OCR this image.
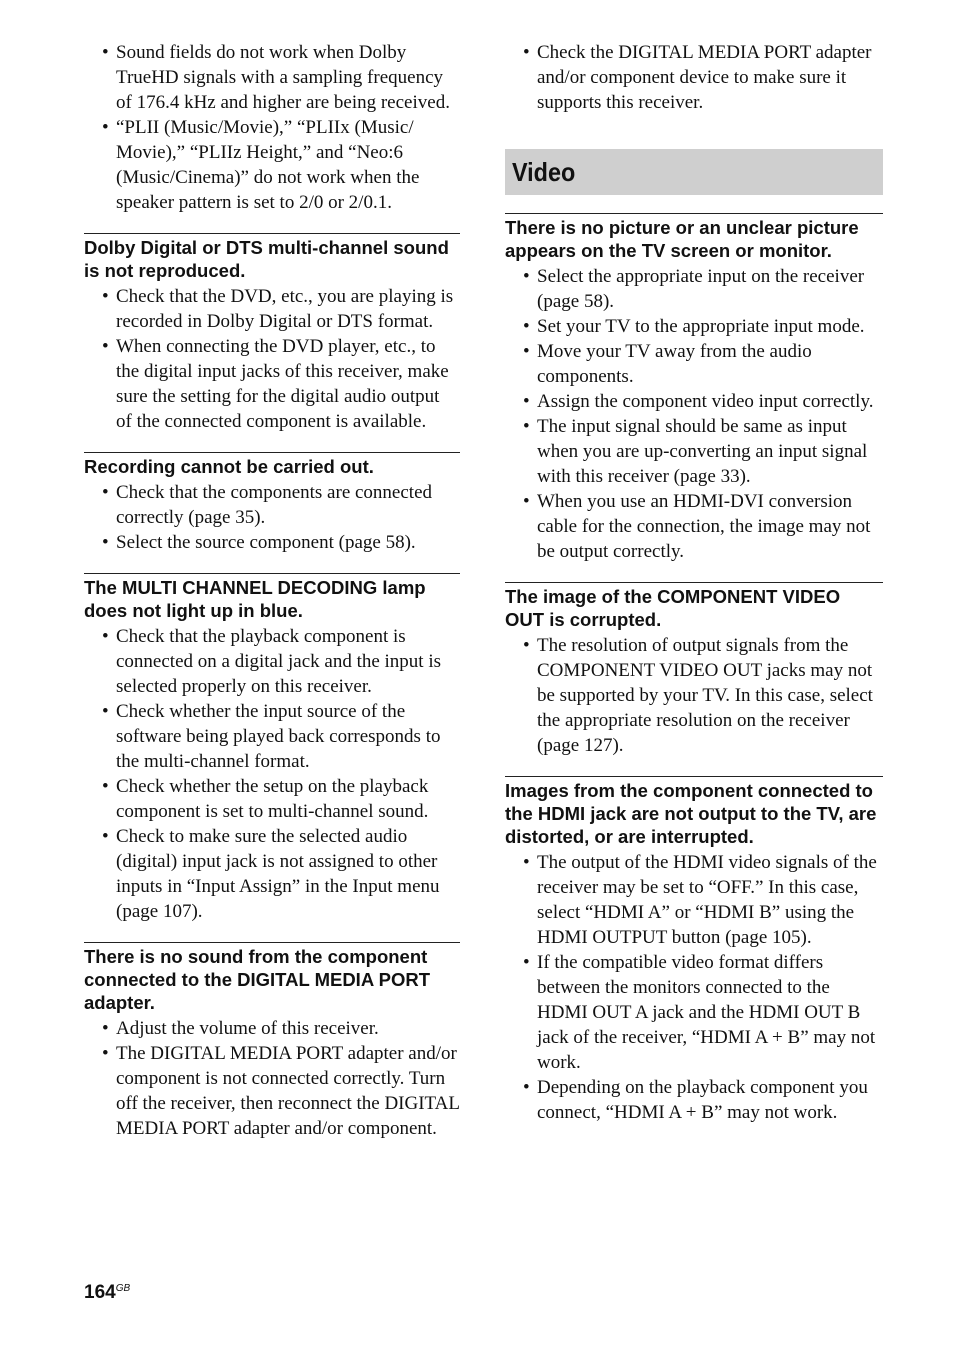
• Sound fields do not work when Dolby TrueHD signals with a sampling frequency of 176.4 kHz and higher are being received.
• “PLII (Music/Movie),” “PLIIx (Music/ Movie),” “PLIIz Height,” and “Neo:6 (Music/Cinema)” do not work when the speaker pattern is set to 2/0 or 2/0.1.
Dolby Digital or DTS multi-channel sound is not reproduced.
• Check that the DVD, etc., you are playing is recorded in Dolby Digital or DTS format.
• When connecting the DVD player, etc., to the digital input jacks of this receiver, make sure the setting for the digital audio output of the connected component is available.
Recording cannot be carried out.
• Check that the components are connected correctly (page 35).
• Select the source component (page 58).
The MULTI CHANNEL DECODING lamp does not light up in blue.
• Check that the playback component is connected on a digital jack and the input is selected properly on this receiver.
• Check whether the input source of the software being played back corresponds to the multi-channel format.
• Check whether the setup on the playback component is set to multi-channel sound.
• Check to make sure the selected audio (digital) input jack is not assigned to other inputs in “Input Assign” in the Input menu (page 107).
There is no sound from the component connected to the DIGITAL MEDIA PORT adapter.
• Adjust the volume of this receiver.
• The DIGITAL MEDIA PORT adapter and/or component is not connected correctly. Turn off the receiver, then reconnect the DIGITAL MEDIA PORT adapter and/or component.
• Check the DIGITAL MEDIA PORT adapter and/or component device to make sure it supports this receiver.
Video
There is no picture or an unclear picture appears on the TV screen or monitor.
• Select the appropriate input on the receiver (page 58).
• Set your TV to the appropriate input mode.
• Move your TV away from the audio components.
• Assign the component video input correctly.
• The input signal should be same as input when you are up-converting an input signal with this receiver (page 33).
• When you use an HDMI-DVI conversion cable for the connection, the image may not be output correctly.
The image of the COMPONENT VIDEO OUT is corrupted.
• The resolution of output signals from the COMPONENT VIDEO OUT jacks may not be supported by your TV. In this case, select the appropriate resolution on the receiver (page 127).
Images from the component connected to the HDMI jack are not output to the TV, are distorted, or are interrupted.
• The output of the HDMI video signals of the receiver may be set to “OFF.” In this case, select “HDMI A” or “HDMI B” using the HDMI OUTPUT button (page 105).
• If the compatible video format differs between the monitors connected to the HDMI OUT A jack and the HDMI OUT B jack of the receiver, “HDMI A + B” may not work.
• Depending on the playback component you connect, “HDMI A + B” may not work.
$164^{GB}$
